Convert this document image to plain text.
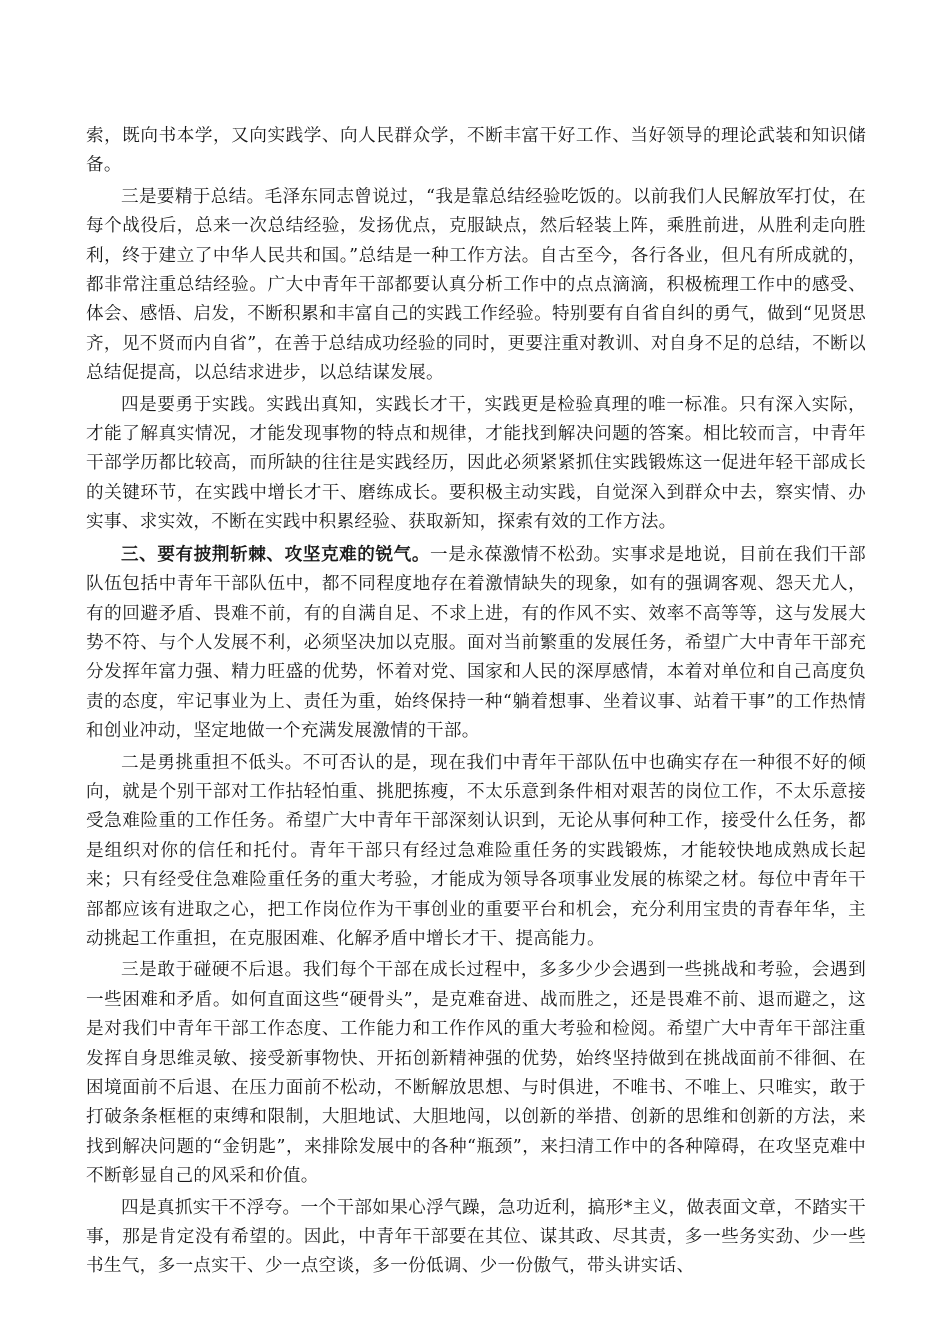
索，既向书本学，又向实践学、向人民群众学，不断丰富干好工作、当好领导的理论武装和知识储备。

三是要精于总结。毛泽东同志曾说过，“我是靠总结经验吃饭的。以前我们人民解放军打仗，在每个战役后，总来一次总结经验，发扬优点，克服缺点，然后轻装上阵，乘胜前进，从胜利走向胜利，终于建立了中华人民共和国。”总结是一种工作方法。自古至今，各行各业，但凡有所成就的，都非常注重总结经验。广大中青年干部都要认真分析工作中的点点滴滴，积极梳理工作中的感受、体会、感悟、启发，不断积累和丰富自己的实践工作经验。特别要有自省自纠的勇气，做到“见贤思齐，见不贤而内自省”，在善于总结成功经验的同时，更要注重对教训、对自身不足的总结，不断以总结促提高，以总结求进步，以总结谋发展。

四是要勇于实践。实践出真知，实践长才干，实践更是检验真理的唯一标准。只有深入实际，才能了解真实情况，才能发现事物的特点和规律，才能找到解决问题的答案。相比较而言，中青年干部学历都比较高，而所缺的往往是实践经历，因此必须紧紧抓住实践锻炼这一促进年轻干部成长的关键环节，在实践中增长才干、磨练成长。要积极主动实践，自觉深入到群众中去，察实情、办实事、求实效，不断在实践中积累经验、获取新知，探索有效的工作方法。

三、要有披荆斩棘、攻坚克难的锐气。一是永葆激情不松劲。实事求是地说，目前在我们干部队伍包括中青年干部队伍中，都不同程度地存在着激情缺失的现象，如有的强调客观、怨天尤人，有的回避矛盾、畏难不前，有的自满自足、不求上进，有的作风不实、效率不高等等，这与发展大势不符、与个人发展不利，必须坚决加以克服。面对当前繁重的发展任务，希望广大中青年干部充分发挥年富力强、精力旺盛的优势，怀着对党、国家和人民的深厚感情，本着对单位和自己高度负责的态度，牢记事业为上、责任为重，始终保持一种“躺着想事、坐着议事、站着干事”的工作热情和创业冲动，坚定地做一个充满发展激情的干部。

二是勇挑重担不低头。不可否认的是，现在我们中青年干部队伍中也确实存在一种很不好的倾向，就是个别干部对工作拈轻怕重、挑肥拣瘦，不太乐意到条件相对艰苦的岗位工作，不太乐意接受急难险重的工作任务。希望广大中青年干部深刻认识到，无论从事何种工作，接受什么任务，都是组织对你的信任和托付。青年干部只有经过急难险重任务的实践锻炼，才能较快地成熟成长起来；只有经受住急难险重任务的重大考验，才能成为领导各项事业发展的栋梁之材。每位中青年干部都应该有进取之心，把工作岗位作为干事创业的重要平台和机会，充分利用宝贵的青春年华，主动挑起工作重担，在克服困难、化解矛盾中增长才干、提高能力。

三是敢于碰硬不后退。我们每个干部在成长过程中，多多少少会遇到一些挑战和考验，会遇到一些困难和矛盾。如何直面这些“硬骨头”，是克难奋进、战而胜之，还是畏难不前、退而避之，这是对我们中青年干部工作态度、工作能力和工作作风的重大考验和检阅。希望广大中青年干部注重发挥自身思维灵敏、接受新事物快、开拓创新精神强的优势，始终坚持做到在挑战面前不徘徊、在困境面前不后退、在压力面前不松动，不断解放思想、与时俱进，不唯书、不唯上、只唯实，敢于打破条条框框的束缚和限制，大胆地试、大胆地闯，以创新的举措、创新的思维和创新的方法，来找到解决问题的“金钥匙”，来排除发展中的各种“瓶颈”，来扫清工作中的各种障碍，在攻坚克难中不断彰显自己的风采和价值。

四是真抓实干不浮夸。一个干部如果心浮气躁，急功近利，搞形*主义，做表面文章，不踏实干事，那是肯定没有希望的。因此，中青年干部要在其位、谋其政、尽其责，多一些务实劲、少一些书生气，多一点实干、少一点空谈，多一份低调、少一份傲气，带头讲实话、
